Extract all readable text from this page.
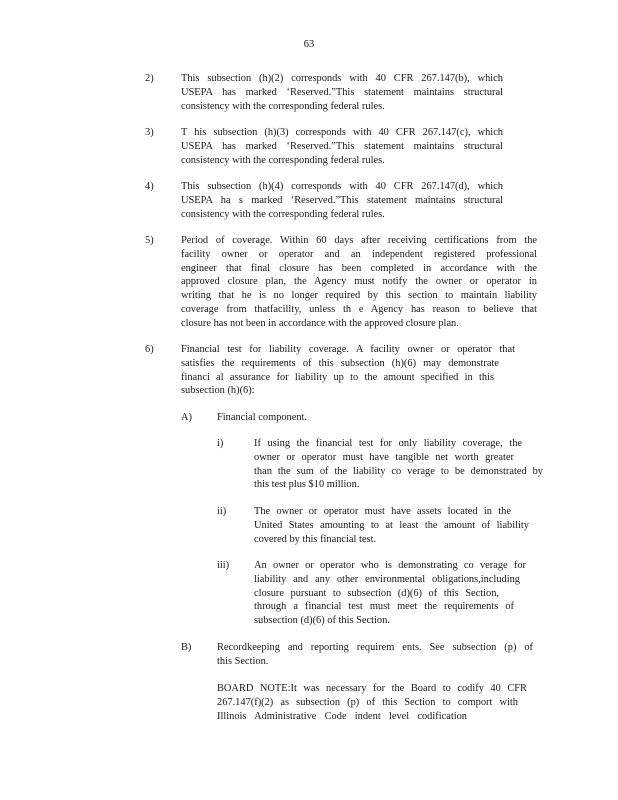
63
2)	This subsection (h)(2) corresponds with 40 CFR 267.147(b), which
USEPA has marked ‘Reserved.”This statement maintains structural
consistency with the corresponding federal rules.
3)	T his subsection (h)(3) corresponds with 40 CFR 267.147(c), which
USEPA has marked ‘Reserved.”This statement maintains structural
consistency with the corresponding federal rules.
4)	This subsection (h)(4) corresponds with 40 CFR 267.147(d), which
USEPA ha s marked ‘Reserved.”This statement maintains structural
consistency with the corresponding federal rules.
5)	Period of coverage. Within 60 days after receiving certifications from the
facility owner or operator and an independent registered professional
engineer that final closure has been completed in accordance with the
approved closure plan, the Agency must notify the owner or operator in
writing that he is no longer required by this section to maintain liability
coverage from thatfacility, unless th e Agency has reason to believe that
closure has not been in accordance with the approved closure plan.
6)	Financial test for liability coverage. A facility owner or operator that
satisfies the requirements of this subsection (h)(6) may demonstrate
financi al assurance for liability up to the amount specified in this
subsection (h)(6):
A) Financial component.
i)	If using the financial test for only liability coverage, the
owner or operator must have tangible net worth greater
than the sum of the liability co verage to be demonstrated by
this test plus $10 million.
ii)	The owner or operator must have assets located in the
United States amounting to at least the amount of liability
covered by this financial test.
iii) An owner or operator who is demonstrating co verage for
liability and any other environmental obligations,including
closure pursuant to subsection (d)(6) of this Section,
through a financial test must meet the requirements of
subsection (d)(6) of this Section.
B) Recordkeeping and reporting requirem ents. See subsection (p) of
this Section.
BOARD NOTE:It was necessary for the Board to codify 40 CFR
267.147(f)(2) as subsection (p) of this Section to comport with
Illinois Administrative Code indent level codification
